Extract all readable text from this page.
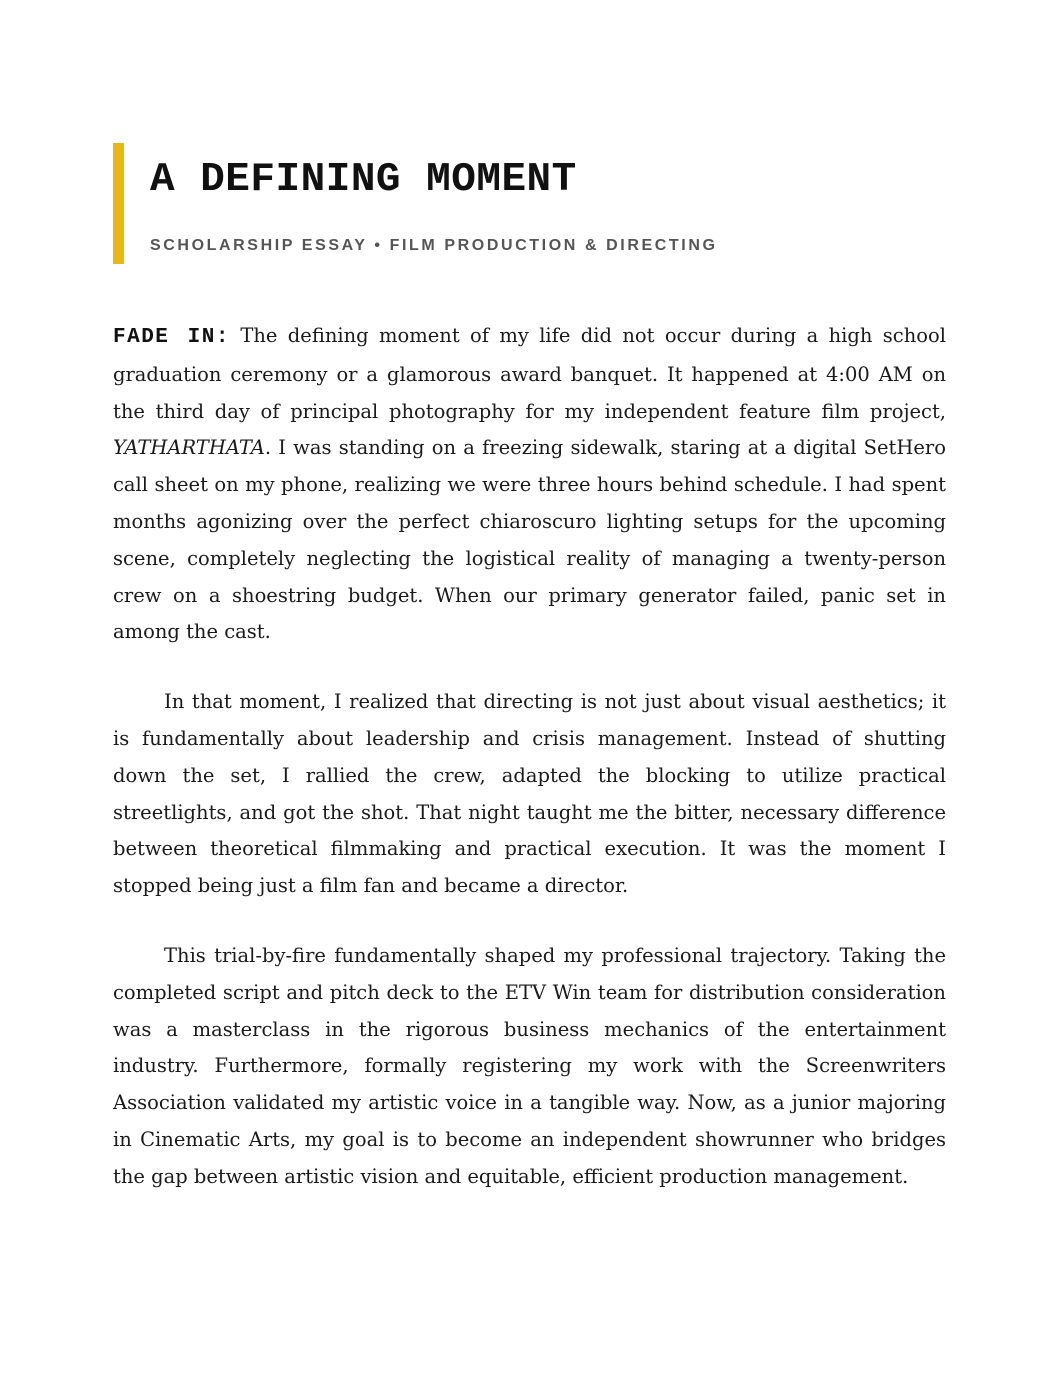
A DEFINING MOMENT
SCHOLARSHIP ESSAY • FILM PRODUCTION & DIRECTING

FADE IN: The defining moment of my life did not occur during a high school graduation ceremony or a glamorous award banquet. It happened at 4:00 AM on the third day of principal photography for my independent feature film project, YATHARTHATA. I was standing on a freezing sidewalk, staring at a digital SetHero call sheet on my phone, realizing we were three hours behind schedule. I had spent months agonizing over the perfect chiaroscuro lighting setups for the upcoming scene, completely neglecting the logistical reality of managing a twenty-person crew on a shoestring budget. When our primary generator failed, panic set in among the cast.

In that moment, I realized that directing is not just about visual aesthetics; it is fundamentally about leadership and crisis management. Instead of shutting down the set, I rallied the crew, adapted the blocking to utilize practical streetlights, and got the shot. That night taught me the bitter, necessary difference between theoretical filmmaking and practical execution. It was the moment I stopped being just a film fan and became a director.

This trial-by-fire fundamentally shaped my professional trajectory. Taking the completed script and pitch deck to the ETV Win team for distribution consideration was a masterclass in the rigorous business mechanics of the entertainment industry. Furthermore, formally registering my work with the Screenwriters Association validated my artistic voice in a tangible way. Now, as a junior majoring in Cinematic Arts, my goal is to become an independent showrunner who bridges the gap between artistic vision and equitable, efficient production management.
